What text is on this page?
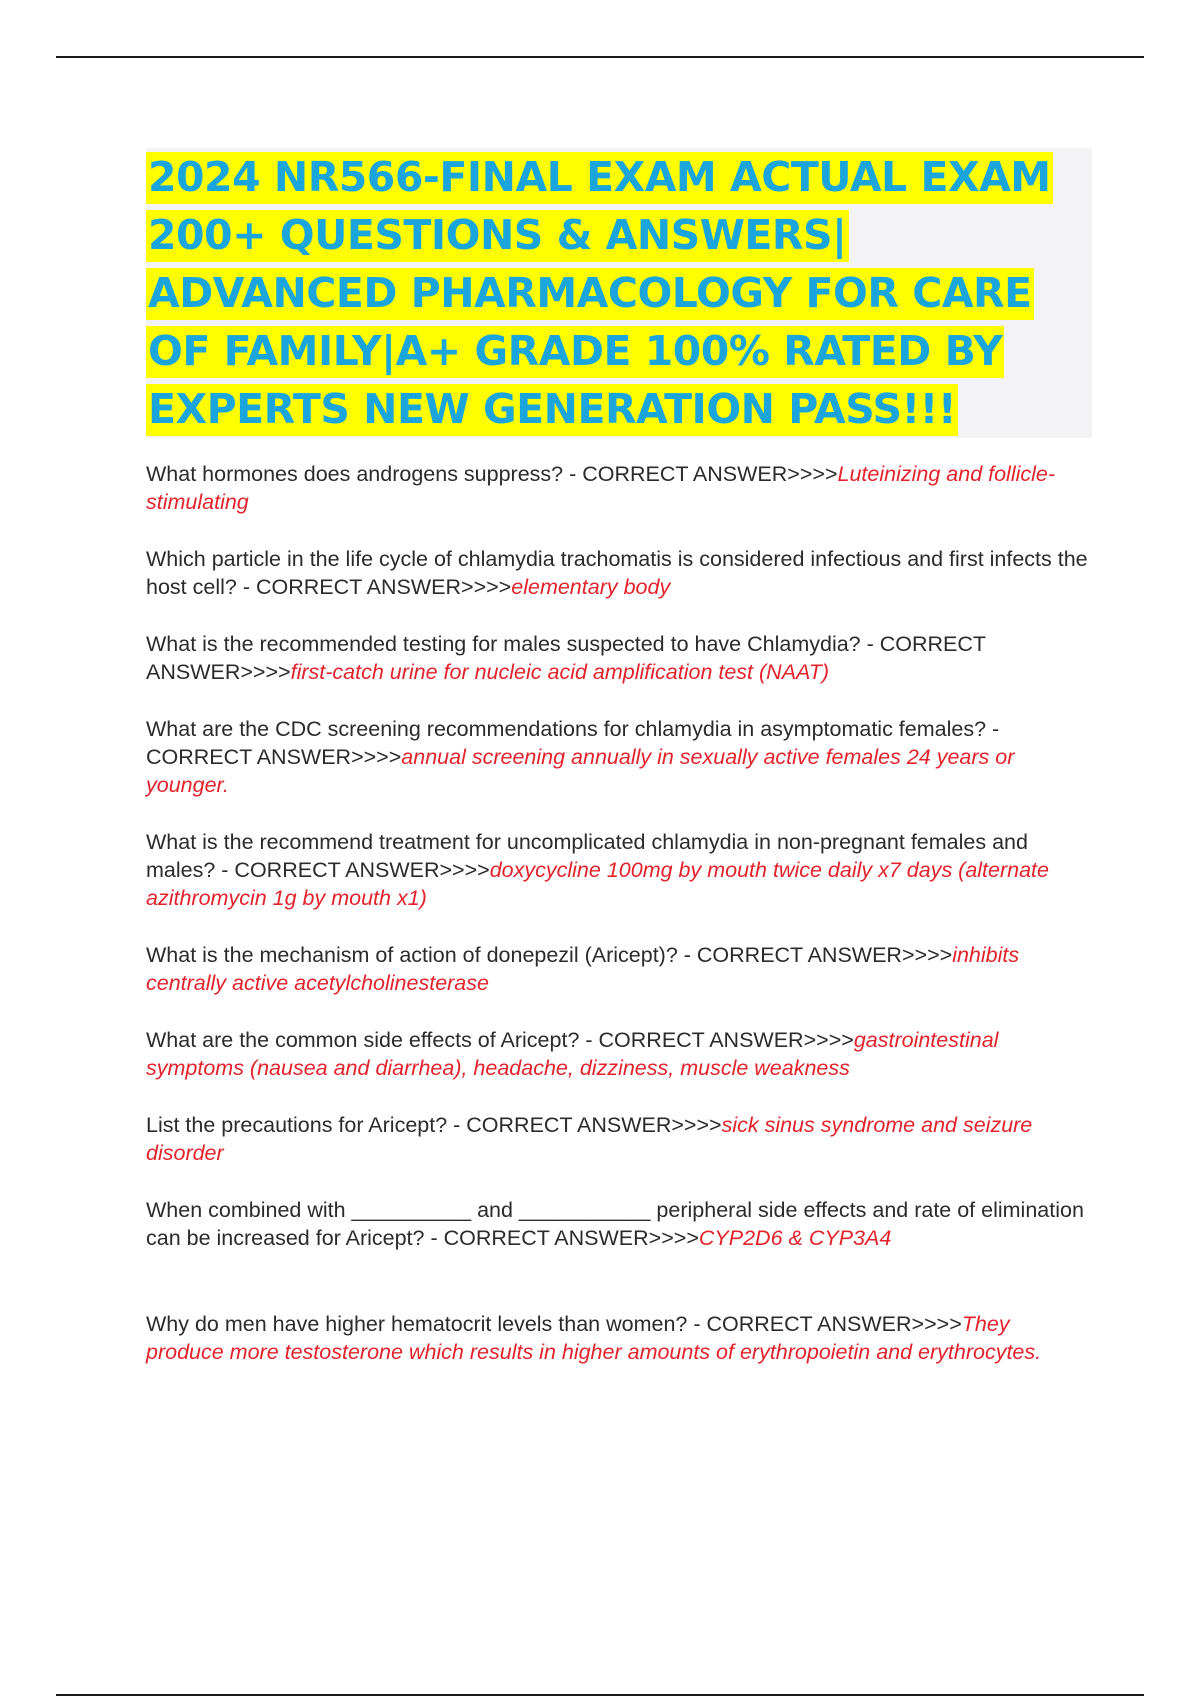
2024 NR566-FINAL EXAM ACTUAL EXAM 200+ QUESTIONS & ANSWERS| ADVANCED PHARMACOLOGY FOR CARE OF FAMILY|A+ GRADE 100% RATED BY EXPERTS NEW GENERATION PASS!!!

What hormones does androgens suppress? - CORRECT ANSWER>>>>Luteinizing and follicle-stimulating

Which particle in the life cycle of chlamydia trachomatis is considered infectious and first infects the host cell? - CORRECT ANSWER>>>>elementary body

What is the recommended testing for males suspected to have Chlamydia? - CORRECT ANSWER>>>>first-catch urine for nucleic acid amplification test (NAAT)

What are the CDC screening recommendations for chlamydia in asymptomatic females? - CORRECT ANSWER>>>>annual screening annually in sexually active females 24 years or younger.

What is the recommend treatment for uncomplicated chlamydia in non-pregnant females and males? - CORRECT ANSWER>>>>doxycycline 100mg by mouth twice daily x7 days (alternate azithromycin 1g by mouth x1)

What is the mechanism of action of donepezil (Aricept)? - CORRECT ANSWER>>>>inhibits centrally active acetylcholinesterase

What are the common side effects of Aricept? - CORRECT ANSWER>>>>gastrointestinal symptoms (nausea and diarrhea), headache, dizziness, muscle weakness

List the precautions for Aricept? - CORRECT ANSWER>>>>sick sinus syndrome and seizure disorder

When combined with __________ and ___________ peripheral side effects and rate of elimination can be increased for Aricept? - CORRECT ANSWER>>>>CYP2D6 & CYP3A4

Why do men have higher hematocrit levels than women? - CORRECT ANSWER>>>>They produce more testosterone which results in higher amounts of erythropoietin and erythrocytes.
